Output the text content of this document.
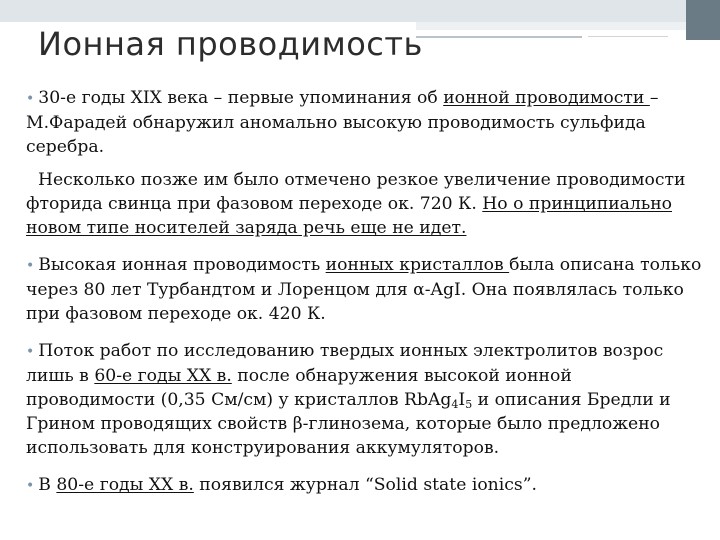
Ионная проводимость

• 30-е годы XIX века – первые упоминания об ионной проводимости – М.Фарадей обнаружил аномально высокую проводимость сульфида серебра.

Несколько позже им было отмечено резкое увеличение проводимости фторида свинца при фазовом переходе ок. 720 К. Но о принципиально новом типе носителей заряда речь еще не идет.

• Высокая ионная проводимость ионных кристаллов была описана только через 80 лет Турбандтом и Лоренцом для α-AgI. Она появлялась только при фазовом переходе ок. 420 К.

• Поток работ по исследованию твердых ионных электролитов возрос лишь в 60-е годы XX в. после обнаружения высокой ионной проводимости (0,35 См/см) у кристаллов $RbAg_4I_5$ и описания Бредли и Грином проводящих свойств β-глинозема, которые было предложено использовать для конструирования аккумуляторов.

• В 80-е годы XX в. появился журнал “Solid state ionics”.
